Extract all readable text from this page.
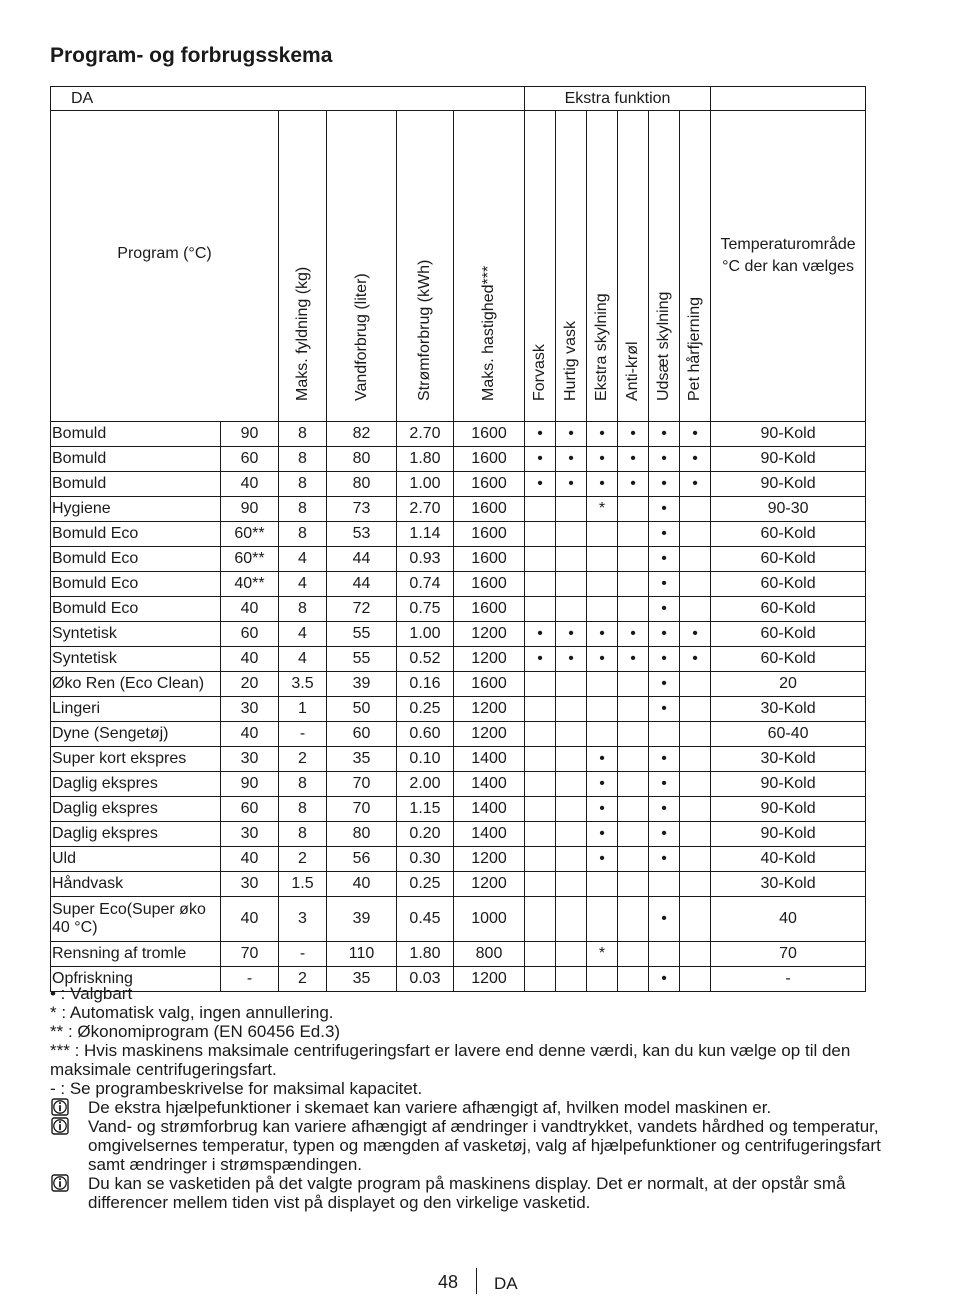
Program- og forbrugsskema
DA						Ekstra funktion						
Program (°C)		Maks. fyldning (kg)	Vandforbrug (liter)	Strømforbrug (kWh)	Maks. hastighed***	Forvask	Hurtig vask	Ekstra skylning	Anti-krøl	Udsæt skylning	Pet hårfjerning	Temperaturområde °C der kan vælges
Bomuld	90	8	82	2.70	1600	•	•	•	•	•	•	90-Kold
Bomuld	60	8	80	1.80	1600	•	•	•	•	•	•	90-Kold
Bomuld	40	8	80	1.00	1600	•	•	•	•	•	•	90-Kold
Hygiene	90	8	73	2.70	1600			*		•		90-30
Bomuld Eco	60**	8	53	1.14	1600					•		60-Kold
Bomuld Eco	60**	4	44	0.93	1600					•		60-Kold
Bomuld Eco	40**	4	44	0.74	1600					•		60-Kold
Bomuld Eco	40	8	72	0.75	1600					•		60-Kold
Syntetisk	60	4	55	1.00	1200	•	•	•	•	•	•	60-Kold
Syntetisk	40	4	55	0.52	1200	•	•	•	•	•	•	60-Kold
Øko Ren (Eco Clean)	20	3.5	39	0.16	1600					•		20
Lingeri	30	1	50	0.25	1200					•		30-Kold
Dyne (Sengetøj)	40	-	60	0.60	1200							60-40
Super kort ekspres	30	2	35	0.10	1400			•		•		30-Kold
Daglig ekspres	90	8	70	2.00	1400			•		•		90-Kold
Daglig ekspres	60	8	70	1.15	1400			•		•		90-Kold
Daglig ekspres	30	8	80	0.20	1400			•		•		90-Kold
Uld	40	2	56	0.30	1200			•		•		40-Kold
Håndvask	30	1.5	40	0.25	1200							30-Kold
Super Eco(Super øko 40 °C)	40	3	39	0.45	1000					•		40
Rensning af tromle	70	-	110	1.80	800			*				70
Opfriskning	-	2	35	0.03	1200					•		-

• : Valgbart

* : Automatisk valg, ingen annullering.

** : Økonomiprogram (EN 60456 Ed.3)

*** : Hvis maskinens maksimale centrifugeringsfart er lavere end denne værdi, kan du kun vælge op til den maksimale centrifugeringsfart.

- : Se programbeskrivelse for maksimal kapacitet.

De ekstra hjælpefunktioner i skemaet kan variere afhængigt af, hvilken model maskinen er.
Vand- og strømforbrug kan variere afhængigt af ændringer i vandtrykket, vandets hårdhed og temperatur, omgivelsernes temperatur, typen og mængden af vasketøj, valg af hjælpefunktioner og centrifugeringsfart samt ændringer i strømspændingen.
Du kan se vasketiden på det valgte program på maskinens display. Det er normalt, at der opstår små differencer mellem tiden vist på displayet og den virkelige vasketid.
48 DA
